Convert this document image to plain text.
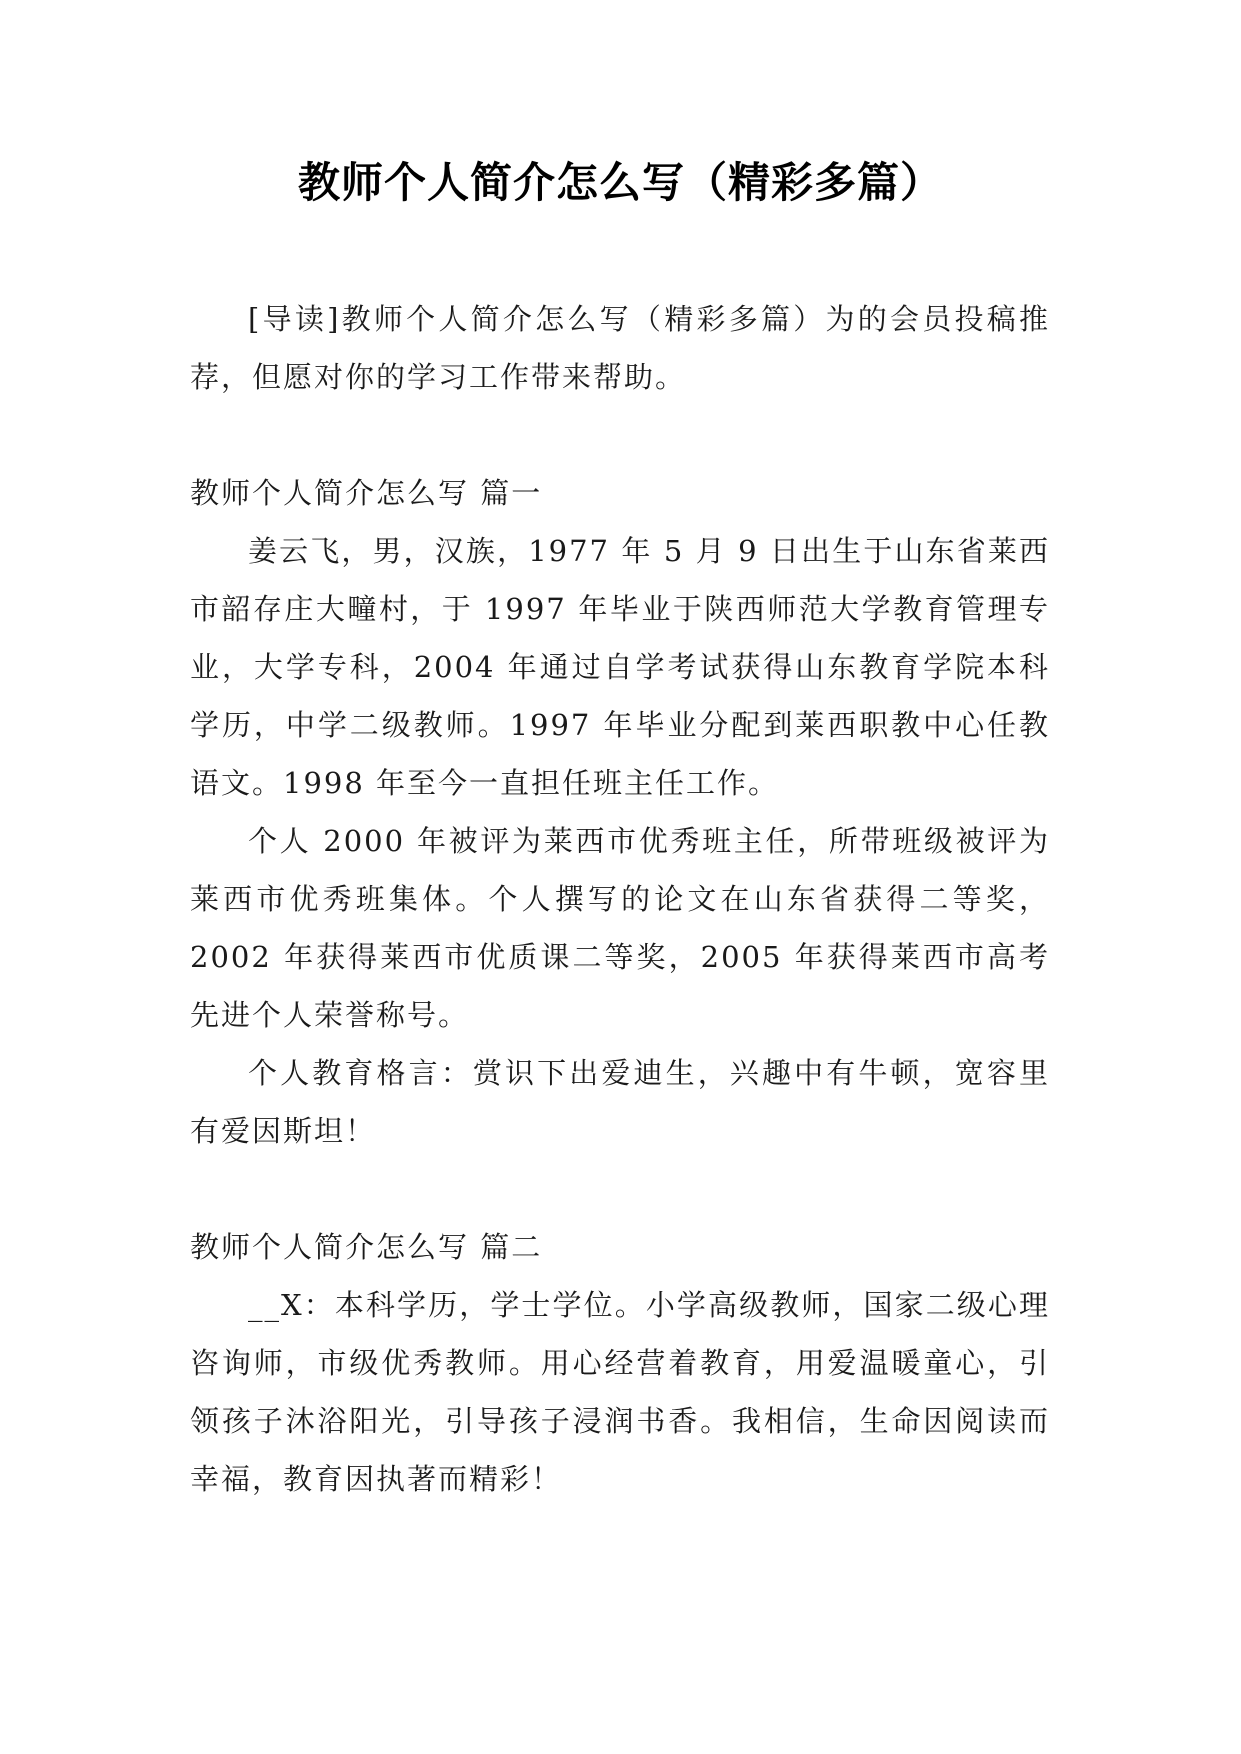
教师个人简介怎么写（精彩多篇）

[导读]教师个人简介怎么写（精彩多篇）为的会员投稿推荐，但愿对你的学习工作带来帮助。

教师个人简介怎么写 篇一

姜云飞，男，汉族，1977 年 5 月 9 日出生于山东省莱西市韶存庄大疃村，于 1997 年毕业于陕西师范大学教育管理专业，大学专科，2004 年通过自学考试获得山东教育学院本科学历，中学二级教师。1997 年毕业分配到莱西职教中心任教语文。1998 年至今一直担任班主任工作。

个人 2000 年被评为莱西市优秀班主任，所带班级被评为莱西市优秀班集体。个人撰写的论文在山东省获得二等奖，2002 年获得莱西市优质课二等奖，2005 年获得莱西市高考先进个人荣誉称号。

个人教育格言：赏识下出爱迪生，兴趣中有牛顿，宽容里有爱因斯坦！

教师个人简介怎么写 篇二

__X：本科学历，学士学位。小学高级教师，国家二级心理咨询师，市级优秀教师。用心经营着教育，用爱温暖童心，引领孩子沐浴阳光，引导孩子浸润书香。我相信，生命因阅读而幸福，教育因执著而精彩！
